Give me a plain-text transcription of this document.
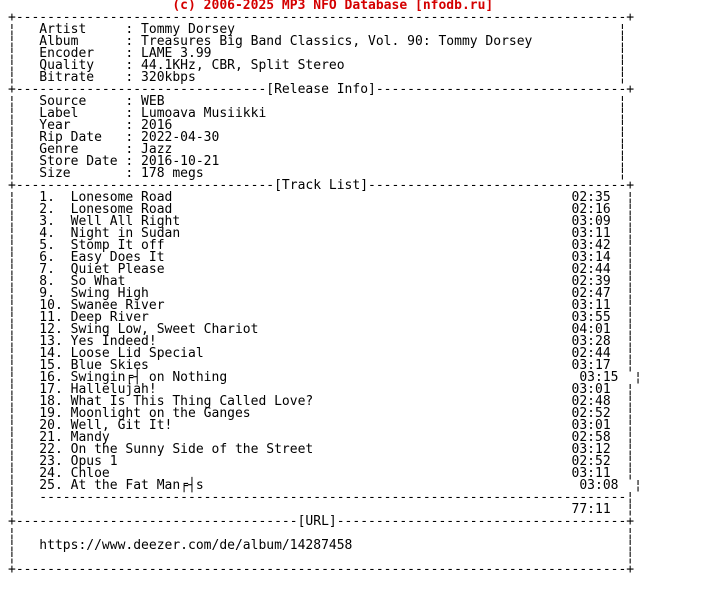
(c) 2006-2025 MP3 NFO Database [nfodb.ru]
+------------------------------------------------------------------------------+
¦   Artist     : Tommy Dorsey                                                 ¦
¦   Album      : Treasures Big Band Classics, Vol. 90: Tommy Dorsey           ¦
¦   Encoder    : LAME 3.99                                                    ¦
¦   Quality    : 44.1KHz, CBR, Split Stereo                                   ¦
¦   Bitrate    : 320kbps                                                      ¦
+--------------------------------[Release Info]--------------------------------+
¦   Source     : WEB                                                          ¦
¦   Label      : Lumoava Musiikki                                             ¦
¦   Year       : 2016                                                         ¦
¦   Rip Date   : 2022-04-30                                                   ¦
¦   Genre      : Jazz                                                         ¦
¦   Store Date : 2016-10-21                                                   ¦
¦   Size       : 178 megs                                                     ¦
+---------------------------------[Track List]---------------------------------+
¦   1.  Lonesome Road                                                   02:35  ¦
¦   2.  Lonesome Road                                                   02:16  ¦
¦   3.  Well All Right                                                  03:09  ¦
¦   4.  Night in Sudan                                                  03:11  ¦
¦   5.  Stomp It off                                                    03:42  ¦
¦   6.  Easy Does It                                                    03:14  ¦
¦   7.  Quiet Please                                                    02:44  ¦
¦   8.  So What                                                         02:39  ¦
¦   9.  Swing High                                                      02:47  ¦
¦   10. Swanee River                                                    03:11  ¦
¦   11. Deep River                                                      03:55  ¦
¦   12. Swing Low, Sweet Chariot                                        04:01  ¦
¦   13. Yes Indeed!                                                     03:28  ¦
¦   14. Loose Lid Special                                               02:44  ¦
¦   15. Blue Skies                                                      03:17  ¦
¦   16. Swingin╒┤ on Nothing                                             03:15  ¦
¦   17. Hallelujah!                                                     03:01  ¦
¦   18. What Is This Thing Called Love?                                 02:48  ¦
¦   19. Moonlight on the Ganges                                         02:52  ¦
¦   20. Well, Git It!                                                   03:01  ¦
¦   21. Mandy                                                           02:58  ¦
¦   22. On the Sunny Side of the Street                                 03:12  ¦
¦   23. Opus 1                                                          02:52  ¦
¦   24. Chloe                                                           03:11  ¦
¦   25. At the Fat Man╒┤s                                                03:08  ¦
¦   ---------------------------------------------------------------------------¦
¦                                                                       77:11  ¦
+------------------------------------[URL]-------------------------------------+
¦                                                                              ¦
¦   https://www.deezer.com/de/album/14287458                                   ¦
¦                                                                              ¦
+------------------------------------------------------------------------------+
